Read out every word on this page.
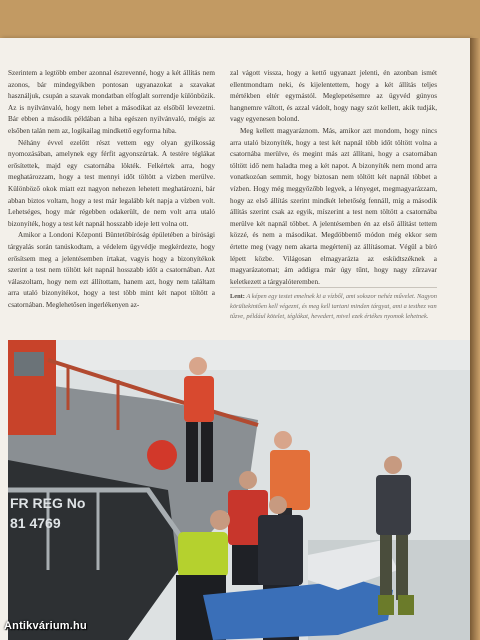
Szerintem a legtöbb ember azonnal észrevenné, hogy a két állítás nem azonos, bár mindegyikben pontosan ugyanazokat a szavakat használjuk, csupán a szavak mondatban elfoglalt sorrendje különbözik. Az is nyilvánvaló, hogy nem lehet a másodikat az elsőből levezetni. Bár ebben a második példában a hiba egészen nyilvánvaló, mégis az elsőben talán nem az, logikailag mindkettő egyforma hiba.

Néhány évvel ezelőtt részt vettem egy olyan gyilkosság nyomozásában, amelynek egy férfit agyonszúrtak. A testére téglákat erősítettek, majd egy csatornába lökték. Felkértek arra, hogy meghatározzam, hogy a test mennyi időt töltött a vízben merülve. Különböző okok miatt ezt nagyon nehezen lehetett meghatározni, bár abban biztos voltam, hogy a test már legalább két napja a vízben volt. Lehetséges, hogy már régebben odakerült, de nem volt arra utaló bizonyíték, hogy a test két napnál hosszabb ideje lett volna ott.

Amikor a Londoni Központi Büntetőbíróság épületében a bírósági tárgyalás során tanúskodtam, a védelem ügyvédje megkérdezte, hogy erősítsem meg a jelentésemben írtakat, vagyis hogy a bizonyítékok szerint a test nem töltött két napnál hosszabb időt a csatornában. Azt válaszoltam, hogy nem ezt állítottam, hanem azt, hogy nem találtam arra utaló bizonyítékot, hogy a test több mint két napot töltött a csatornában. Meglehetősen ingerlékenyen az-

zal vágott vissza, hogy a kettő ugyanazt jelenti, én azonban ismét ellentmondtam neki, és kijelentettem, hogy a két állítás teljes mértékben eltér egymástól. Meglepetésemre az ügyvéd gúnyos hangnemre váltott, és azzal vádolt, hogy nagy szót kellett, akik tudják, vagy egyenesen bolond.

Meg kellett magyaráznom. Más, amikor azt mondom, hogy nincs arra utaló bizonyíték, hogy a test két napnál több időt töltött volna a csatornába merülve, és megint más azt állítani, hogy a csatornában töltött idő nem haladta meg a két napot. A bizonyíték nem mond arra vonatkozóan semmit, hogy biztosan nem töltött két napnál többet a vízben. Hogy még meggyőzőbb legyek, a lényeget, megmagyarázzam, hogy az első állítás szerint mindkét lehetőség fennáll, míg a második állítás szerint csak az egyik, míszerint a test nem töltött a csatornába merülve két napnál többet. A jelentésemben én az első állítást tettem közzé, és nem a másodikat. Megdöbbentő módon még ekkor sem értette meg (vagy nem akarta megérteni) az állításomat. Végül a bíró lépett közbe. Világosan elmagyarázta az esküdtszéknek a magyarázatomat; ám addigra már úgy tűnt, hogy nagy zűrzavar keletkezett a tárgyalóteremben.

Lent: A képen egy testet emelnek ki a vízből, ami sokszor nehéz művelet. Nagyon körültekintően kell végezni, és meg kell tartani minden tárgyat, ami a testhez van tűzve, például kötelet, téglákat, hevedert, mivel ezek értékes nyomok lehetnek.
FR REG No
81 4769
Antikvárium.hu
